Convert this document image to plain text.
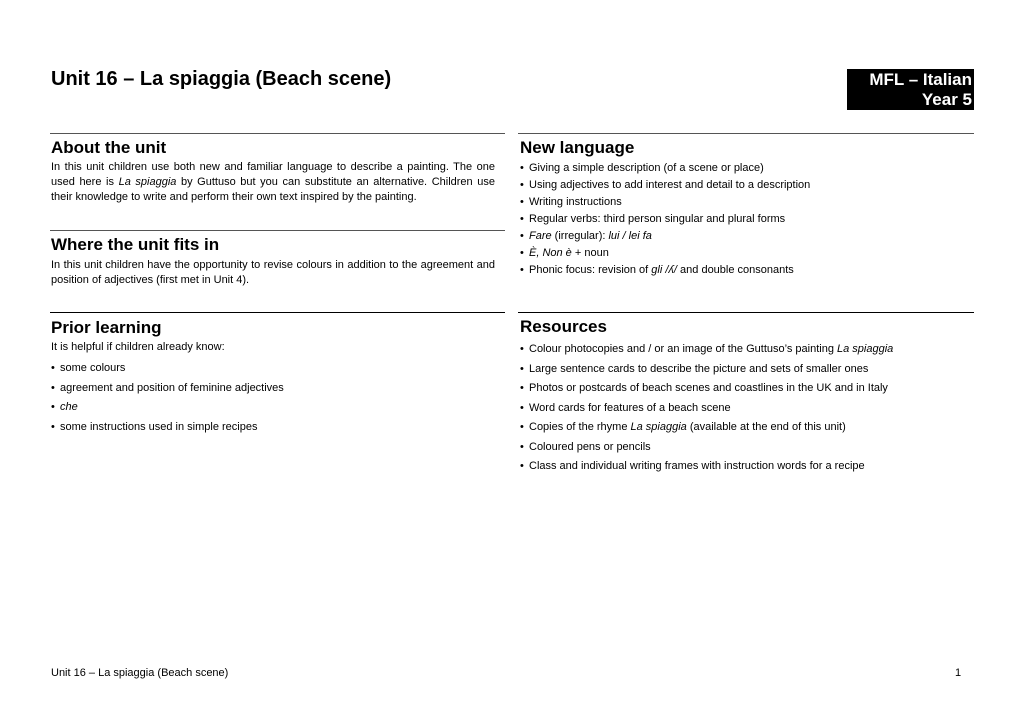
Unit 16 – La spiaggia (Beach scene)	MFL – Italian
Year 5
About the unit
In this unit children use both new and familiar language to describe a painting. The one used here is La spiaggia by Guttuso but you can substitute an alternative. Children use their knowledge to write and perform their own text inspired by the painting.
Where the unit fits in
In this unit children have the opportunity to revise colours in addition to the agreement and position of adjectives (first met in Unit 4).
New language
• Giving a simple description (of a scene or place)
• Using adjectives to add interest and detail to a description
• Writing instructions
• Regular verbs: third person singular and plural forms
• Fare (irregular): lui / lei fa
• È, Non è + noun
• Phonic focus: revision of gli /ʎ/ and double consonants
Prior learning
It is helpful if children already know:
• some colours
• agreement and position of feminine adjectives
• che
• some instructions used in simple recipes
Resources
• Colour photocopies and / or an image of the Guttuso’s painting La spiaggia
• Large sentence cards to describe the picture and sets of smaller ones
• Photos or postcards of beach scenes and coastlines in the UK and in Italy
• Word cards for features of a beach scene
• Copies of the rhyme La spiaggia (available at the end of this unit)
• Coloured pens or pencils
• Class and individual writing frames with instruction words for a recipe
Unit 16 – La spiaggia (Beach scene)	1
